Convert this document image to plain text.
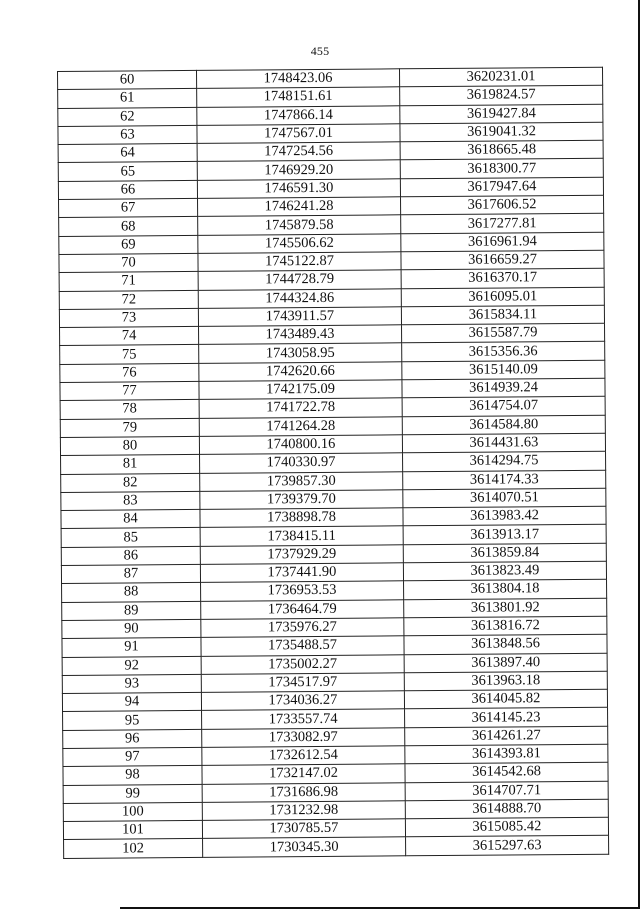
455
60	1748423.06	3620231.01
61	1748151.61	3619824.57
62	1747866.14	3619427.84
63	1747567.01	3619041.32
64	1747254.56	3618665.48
65	1746929.20	3618300.77
66	1746591.30	3617947.64
67	1746241.28	3617606.52
68	1745879.58	3617277.81
69	1745506.62	3616961.94
70	1745122.87	3616659.27
71	1744728.79	3616370.17
72	1744324.86	3616095.01
73	1743911.57	3615834.11
74	1743489.43	3615587.79
75	1743058.95	3615356.36
76	1742620.66	3615140.09
77	1742175.09	3614939.24
78	1741722.78	3614754.07
79	1741264.28	3614584.80
80	1740800.16	3614431.63
81	1740330.97	3614294.75
82	1739857.30	3614174.33
83	1739379.70	3614070.51
84	1738898.78	3613983.42
85	1738415.11	3613913.17
86	1737929.29	3613859.84
87	1737441.90	3613823.49
88	1736953.53	3613804.18
89	1736464.79	3613801.92
90	1735976.27	3613816.72
91	1735488.57	3613848.56
92	1735002.27	3613897.40
93	1734517.97	3613963.18
94	1734036.27	3614045.82
95	1733557.74	3614145.23
96	1733082.97	3614261.27
97	1732612.54	3614393.81
98	1732147.02	3614542.68
99	1731686.98	3614707.71
100	1731232.98	3614888.70
101	1730785.57	3615085.42
102	1730345.30	3615297.63
